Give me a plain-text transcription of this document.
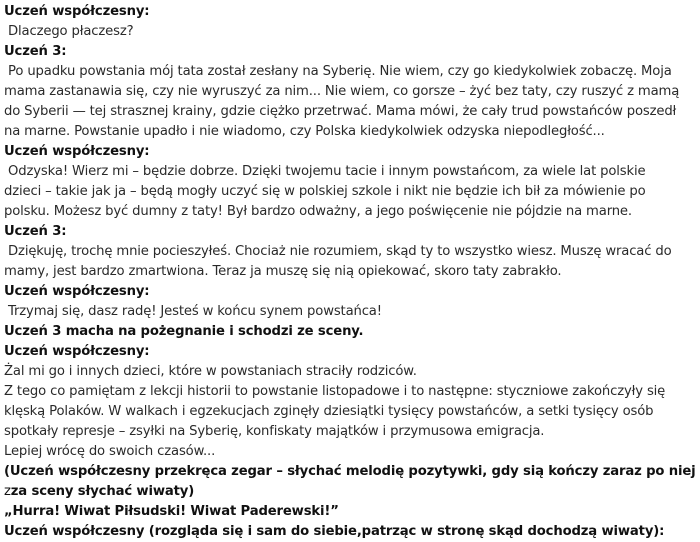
Uczeń współczesny:
Dlaczego płaczesz?
Uczeń 3:
Po upadku powstania mój tata został zesłany na Syberię. Nie wiem, czy go kiedykolwiek zobaczę. Moja
mama zastanawia się, czy nie wyruszyć za nim... Nie wiem, co gorsze – żyć bez taty, czy ruszyć z mamą
do Syberii — tej strasznej krainy, gdzie ciężko przetrwać. Mama mówi, że cały trud powstańców poszedł
na marne. Powstanie upadło i nie wiadomo, czy Polska kiedykolwiek odzyska niepodległość...
Uczeń współczesny:
Odzyska! Wierz mi – będzie dobrze. Dzięki twojemu tacie i innym powstańcom, za wiele lat polskie
dzieci – takie jak ja – będą mogły uczyć się w polskiej szkole i nikt nie będzie ich bił za mówienie po
polsku. Możesz być dumny z taty! Był bardzo odważny, a jego poświęcenie nie pójdzie na marne.
Uczeń 3:
Dziękuję, trochę mnie pocieszyłeś. Chociaż nie rozumiem, skąd ty to wszystko wiesz. Muszę wracać do
mamy, jest bardzo zmartwiona. Teraz ja muszę się nią opiekować, skoro taty zabrakło.
Uczeń współczesny:
Trzymaj się, dasz radę! Jesteś w końcu synem powstańca!
Uczeń 3 macha na pożegnanie i schodzi ze sceny.
Uczeń współczesny:
Żal mi go i innych dzieci, które w powstaniach straciły rodziców.
Z tego co pamiętam z lekcji historii to powstanie listopadowe i to następne: styczniowe zakończyły się
klęską Polaków. W walkach i egzekucjach zginęły dziesiątki tysięcy powstańców, a setki tysięcy osób
spotkały represje – zsyłki na Syberię, konfiskaty majątków i przymusowa emigracja.
Lepiej wrócę do swoich czasów...
(Uczeń współczesny przekręca zegar – słychać melodię pozytywki, gdy sią kończy zaraz po niej
zza sceny słychać wiwaty)
„Hurra! Wiwat Piłsudski! Wiwat Paderewski!”
Uczeń współczesny (rozgląda się i sam do siebie,patrząc w stronę skąd dochodzą wiwaty):
